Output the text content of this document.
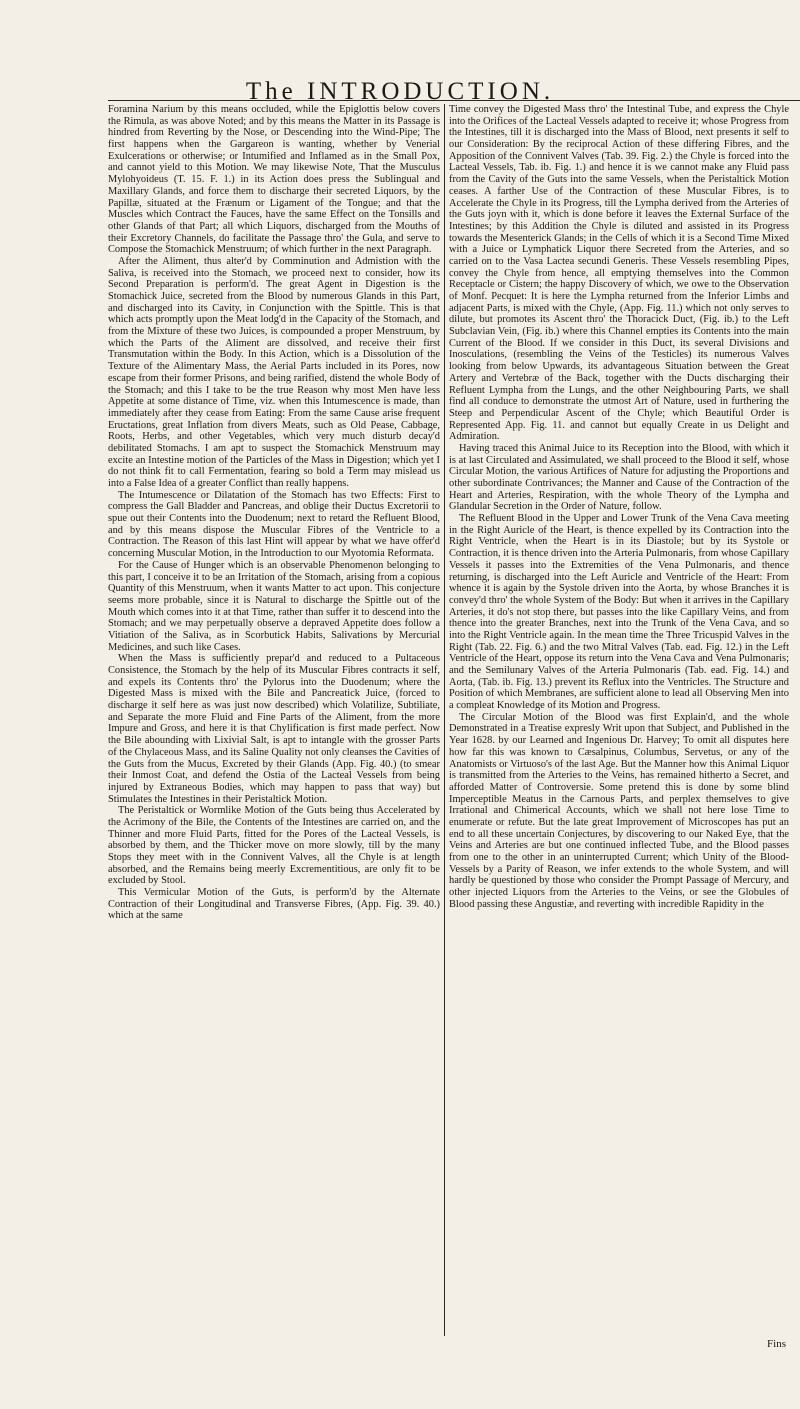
The INTRODUCTION.

Foramina Narium by this means occluded, while the Epiglottis below covers the Rimula, as was above Noted; and by this means the Matter in its Passage is hindred from Reverting by the Nose, or Descending into the Wind-Pipe; The first happens when the Gargareon is wanting, whether by Venerial Exulcerations or otherwise; or Intumified and Inflamed as in the Small Pox, and cannot yield to this Motion. We may likewise Note, That the Musculus Mylohyoideus (T. 15. F. 1.) in its Action does press the Sublingual and Maxillary Glands, and force them to discharge their secreted Liquors, by the Papillæ, situated at the Frænum or Ligament of the Tongue; and that the Muscles which Contract the Fauces, have the same Effect on the Tonsills and other Glands of that Part; all which Liquors, discharged from the Mouths of their Excretory Channels, do facilitate the Passage thro' the Gula, and serve to Compose the Stomachick Menstruum; of which further in the next Paragraph.

After the Aliment, thus alter'd by Comminution and Admistion with the Saliva, is received into the Stomach, we proceed next to consider, how its Second Preparation is perform'd. The great Agent in Digestion is the Stomachick Juice, secreted from the Blood by numerous Glands in this Part, and discharged into its Cavity, in Conjunction with the Spittle. This is that which acts promptly upon the Meat lodg'd in the Capacity of the Stomach, and from the Mixture of these two Juices, is compounded a proper Menstruum, by which the Parts of the Aliment are dissolved, and receive their first Transmutation within the Body. In this Action, which is a Dissolution of the Texture of the Alimentary Mass, the Aerial Parts included in its Pores, now escape from their former Prisons, and being rarified, distend the whole Body of the Stomach; and this I take to be the true Reason why most Men have less Appetite at some distance of Time, viz. when this Intumescence is made, than immediately after they cease from Eating: From the same Cause arise frequent Eructations, great Inflation from divers Meats, such as Old Pease, Cabbage, Roots, Herbs, and other Vegetables, which very much disturb decay'd debilitated Stomachs. I am apt to suspect the Stomachick Menstruum may excite an Intestine motion of the Particles of the Mass in Digestion; which yet I do not think fit to call Fermentation, fearing so bold a Term may mislead us into a False Idea of a greater Conflict than really happens.

The Intumescence or Dilatation of the Stomach has two Effects: First to compress the Gall Bladder and Pancreas, and oblige their Ductus Excretorii to spue out their Contents into the Duodenum; next to retard the Refluent Blood, and by this means dispose the Muscular Fibres of the Ventricle to a Contraction. The Reason of this last Hint will appear by what we have offer'd concerning Muscular Motion, in the Introduction to our Myotomia Reformata.

For the Cause of Hunger which is an observable Phenomenon belonging to this part, I conceive it to be an Irritation of the Stomach, arising from a copious Quantity of this Menstruum, when it wants Matter to act upon. This conjecture seems more probable, since it is Natural to discharge the Spittle out of the Mouth which comes into it at that Time, rather than suffer it to descend into the Stomach; and we may perpetually observe a depraved Appetite does follow a Vitiation of the Saliva, as in Scorbutick Habits, Salivations by Mercurial Medicines, and such like Cases.

When the Mass is sufficiently prepar'd and reduced to a Pultaceous Consistence, the Stomach by the help of its Muscular Fibres contracts it self, and expels its Contents thro' the Pylorus into the Duodenum; where the Digested Mass is mixed with the Bile and Pancreatick Juice, (forced to discharge it self here as was just now described) which Volatilize, Subtiliate, and Separate the more Fluid and Fine Parts of the Aliment, from the more Impure and Gross, and here it is that Chylification is first made perfect. Now the Bile abounding with Lixivial Salt, is apt to intangle with the grosser Parts of the Chylaceous Mass, and its Saline Quality not only cleanses the Cavities of the Guts from the Mucus, Excreted by their Glands (App. Fig. 40.) (to smear their Inmost Coat, and defend the Ostia of the Lacteal Vessels from being injured by Extraneous Bodies, which may happen to pass that way) but Stimulates the Intestines in their Peristaltick Motion.

The Peristaltick or Wormlike Motion of the Guts being thus Accelerated by the Acrimony of the Bile, the Contents of the Intestines are carried on, and the Thinner and more Fluid Parts, fitted for the Pores of the Lacteal Vessels, is absorbed by them, and the Thicker move on more slowly, till by the many Stops they meet with in the Connivent Valves, all the Chyle is at length absorbed, and the Remains being meerly Excrementitious, are only fit to be excluded by Stool.

This Vermicular Motion of the Guts, is perform'd by the Alternate Contraction of their Longitudinal and Transverse Fibres, (App. Fig. 39. 40.) which at the same

Time convey the Digested Mass thro' the Intestinal Tube, and express the Chyle into the Orifices of the Lacteal Vessels adapted to receive it; whose Progress from the Intestines, till it is discharged into the Mass of Blood, next presents it self to our Consideration: By the reciprocal Action of these differing Fibres, and the Apposition of the Connivent Valves (Tab. 39. Fig. 2.) the Chyle is forced into the Lacteal Vessels, Tab. ib. Fig. 1.) and hence it is we cannot make any Fluid pass from the Cavity of the Guts into the same Vessels, when the Peristaltick Motion ceases. A farther Use of the Contraction of these Muscular Fibres, is to Accelerate the Chyle in its Progress, till the Lympha derived from the Arteries of the Guts joyn with it, which is done before it leaves the External Surface of the Intestines; by this Addition the Chyle is diluted and assisted in its Progress towards the Mesenterick Glands; in the Cells of which it is a Second Time Mixed with a Juice or Lymphatick Liquor there Secreted from the Arteries, and so carried on to the Vasa Lactea secundi Generis. These Vessels resembling Pipes, convey the Chyle from hence, all emptying themselves into the Common Receptacle or Cistern; the happy Discovery of which, we owe to the Observation of Monf. Pecquet: It is here the Lympha returned from the Inferior Limbs and adjacent Parts, is mixed with the Chyle, (App. Fig. 11.) which not only serves to dilute, but promotes its Ascent thro' the Thoracick Duct, (Fig. ib.) to the Left Subclavian Vein, (Fig. ib.) where this Channel empties its Contents into the main Current of the Blood. If we consider in this Duct, its several Divisions and Inosculations, (resembling the Veins of the Testicles) its numerous Valves looking from below Upwards, its advantageous Situation between the Great Artery and Vertebræ of the Back, together with the Ducts discharging their Refluent Lympha from the Lungs, and the other Neighbouring Parts, we shall find all conduce to demonstrate the utmost Art of Nature, used in furthering the Steep and Perpendicular Ascent of the Chyle; which Beautiful Order is Represented App. Fig. 11. and cannot but equally Create in us Delight and Admiration.

Having traced this Animal Juice to its Reception into the Blood, with which it is at last Circulated and Assimulated, we shall proceed to the Blood it self, whose Circular Motion, the various Artifices of Nature for adjusting the Proportions and other subordinate Contrivances; the Manner and Cause of the Contraction of the Heart and Arteries, Respiration, with the whole Theory of the Lympha and Glandular Secretion in the Order of Nature, follow.

The Refluent Blood in the Upper and Lower Trunk of the Vena Cava meeting in the Right Auricle of the Heart, is thence expelled by its Contraction into the Right Ventricle, when the Heart is in its Diastole; but by its Systole or Contraction, it is thence driven into the Arteria Pulmonaris, from whose Capillary Vessels it passes into the Extremities of the Vena Pulmonaris, and thence returning, is discharged into the Left Auricle and Ventricle of the Heart: From whence it is again by the Systole driven into the Aorta, by whose Branches it is convey'd thro' the whole System of the Body: But when it arrives in the Capillary Arteries, it do's not stop there, but passes into the like Capillary Veins, and from thence into the greater Branches, next into the Trunk of the Vena Cava, and so into the Right Ventricle again. In the mean time the Three Tricuspid Valves in the Right (Tab. 22. Fig. 6.) and the two Mitral Valves (Tab. ead. Fig. 12.) in the Left Ventricle of the Heart, oppose its return into the Vena Cava and Vena Pulmonaris; and the Semilunary Valves of the Arteria Pulmonaris (Tab. ead. Fig. 14.) and Aorta, (Tab. ib. Fig. 13.) prevent its Reflux into the Ventricles. The Structure and Position of which Membranes, are sufficient alone to lead all Observing Men into a compleat Knowledge of its Motion and Progress.

The Circular Motion of the Blood was first Explain'd, and the whole Demonstrated in a Treatise expresly Writ upon that Subject, and Published in the Year 1628. by our Learned and Ingenious Dr. Harvey; To omit all disputes here how far this was known to Cæsalpinus, Columbus, Servetus, or any of the Anatomists or Virtuoso's of the last Age. But the Manner how this Animal Liquor is transmitted from the Arteries to the Veins, has remained hitherto a Secret, and afforded Matter of Controversie. Some pretend this is done by some blind Imperceptible Meatus in the Carnous Parts, and perplex themselves to give Irrational and Chimerical Accounts, which we shall not here lose Time to enumerate or refute. But the late great Improvement of Microscopes has put an end to all these uncertain Conjectures, by discovering to our Naked Eye, that the Veins and Arteries are but one continued inflected Tube, and the Blood passes from one to the other in an uninterrupted Current; which Unity of the Blood-Vessels by a Parity of Reason, we infer extends to the whole System, and will hardly be questioned by those who consider the Prompt Passage of Mercury, and other injected Liquors from the Arteries to the Veins, or see the Globules of Blood passing these Angustiæ, and reverting with incredible Rapidity in the

Fins
